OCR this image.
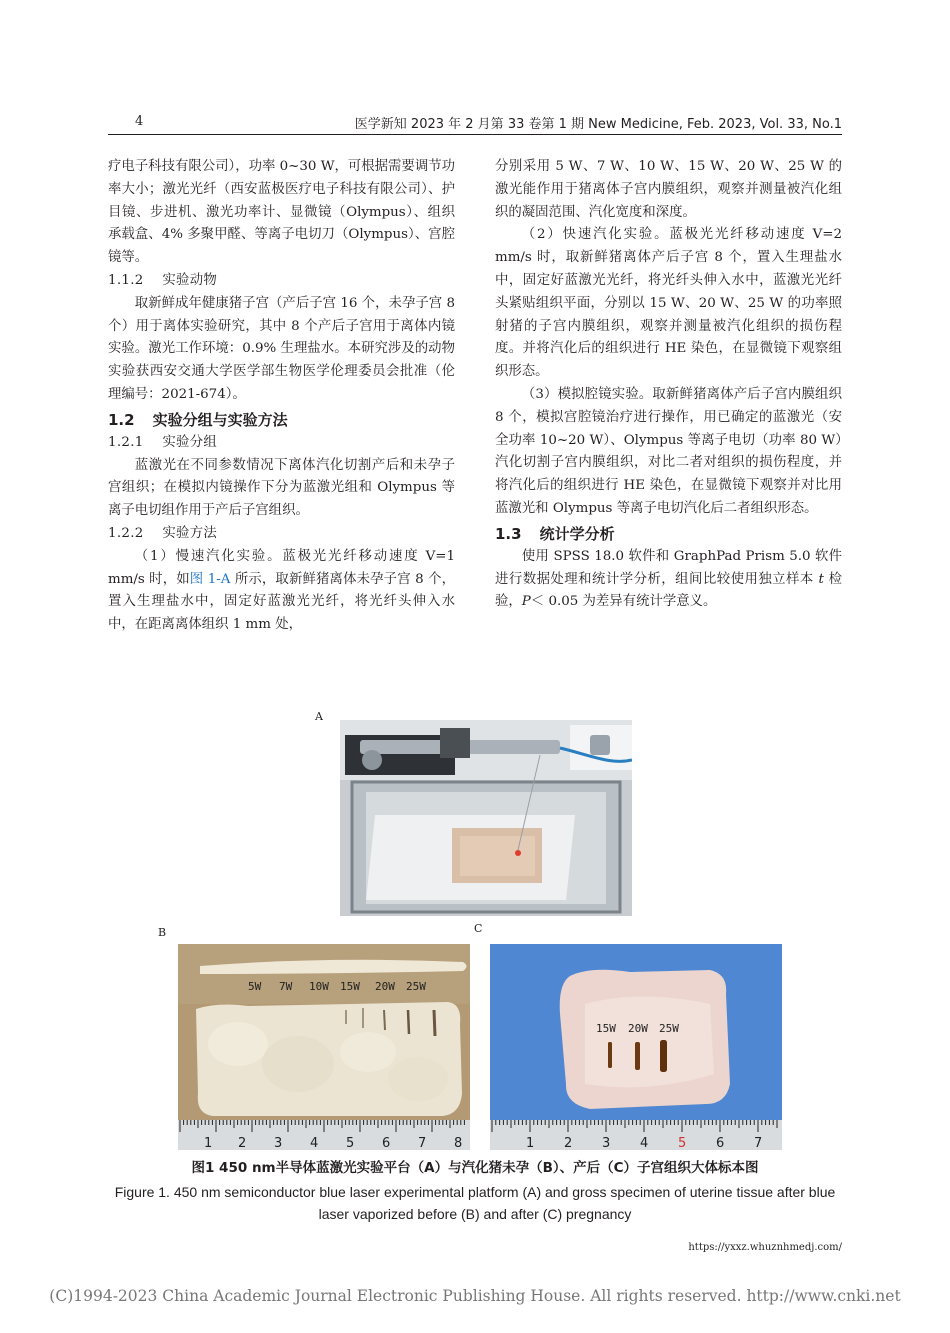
4	医学新知 2023 年 2 月第 33 卷第 1 期 New Medicine, Feb. 2023, Vol. 33, No.1

疗电子科技有限公司），功率 0~30 W，可根据需要调节功率大小；激光光纤（西安蓝极医疗电子科技有限公司）、护目镜、步进机、激光功率计、显微镜（Olympus）、组织承载盒、4% 多聚甲醛、等离子电切刀（Olympus）、宫腔镜等。

1.1.2 实验动物

取新鲜成年健康猪子宫（产后子宫 16 个，未孕子宫 8 个）用于离体实验研究，其中 8 个产后子宫用于离体内镜实验。激光工作环境：0.9% 生理盐水。本研究涉及的动物实验获西安交通大学医学部生物医学伦理委员会批准（伦理编号：2021-674）。

1.2 实验分组与实验方法
1.2.1 实验分组

蓝激光在不同参数情况下离体汽化切割产后和未孕子宫组织；在模拟内镜操作下分为蓝激光组和 Olympus 等离子电切组作用于产后子宫组织。

1.2.2 实验方法

（1）慢速汽化实验。蓝极光光纤移动速度 V=1 mm/s 时，如图 1-A 所示，取新鲜猪离体未孕子宫 8 个，置入生理盐水中，固定好蓝激光光纤，将光纤头伸入水中，在距离离体组织 1 mm 处，

分别采用 5 W、7 W、10 W、15 W、20 W、25 W 的激光能作用于猪离体子宫内膜组织，观察并测量被汽化组织的凝固范围、汽化宽度和深度。

（2）快速汽化实验。蓝极光光纤移动速度 V=2 mm/s 时，取新鲜猪离体产后子宫 8 个，置入生理盐水中，固定好蓝激光光纤，将光纤头伸入水中，蓝激光光纤头紧贴组织平面，分别以 15 W、20 W、25 W 的功率照射猪的子宫内膜组织，观察并测量被汽化组织的损伤程度。并将汽化后的组织进行 HE 染色，在显微镜下观察组织形态。

（3）模拟腔镜实验。取新鲜猪离体产后子宫内膜组织 8 个，模拟宫腔镜治疗进行操作，用已确定的蓝激光（安全功率 10~20 W）、Olympus 等离子电切（功率 80 W）汽化切割子宫内膜组织，对比二者对组织的损伤程度，并将汽化后的组织进行 HE 染色，在显微镜下观察并对比用蓝激光和 Olympus 等离子电切汽化后二者组织形态。

1.3 统计学分析

使用 SPSS 18.0 软件和 GraphPad Prism 5.0 软件进行数据处理和统计学分析，组间比较使用独立样本 t 检验，P＜ 0.05 为差异有统计学意义。

A
B
5W 7W 10W 15W 20W 25W
1 2 3 4 5 6 7 8
C
15W 20W 25W
1 2 3 4 5 6 7
图1 450 nm半导体蓝激光实验平台（A）与汽化猪未孕（B）、产后（C）子宫组织大体标本图
Figure 1. 450 nm semiconductor blue laser experimental platform (A) and gross specimen of uterine tissue after blue laser vaporized before (B) and after (C) pregnancy
https://yxxz.whuznhmedj.com/
(C)1994-2023 China Academic Journal Electronic Publishing House. All rights reserved. http://www.cnki.net
